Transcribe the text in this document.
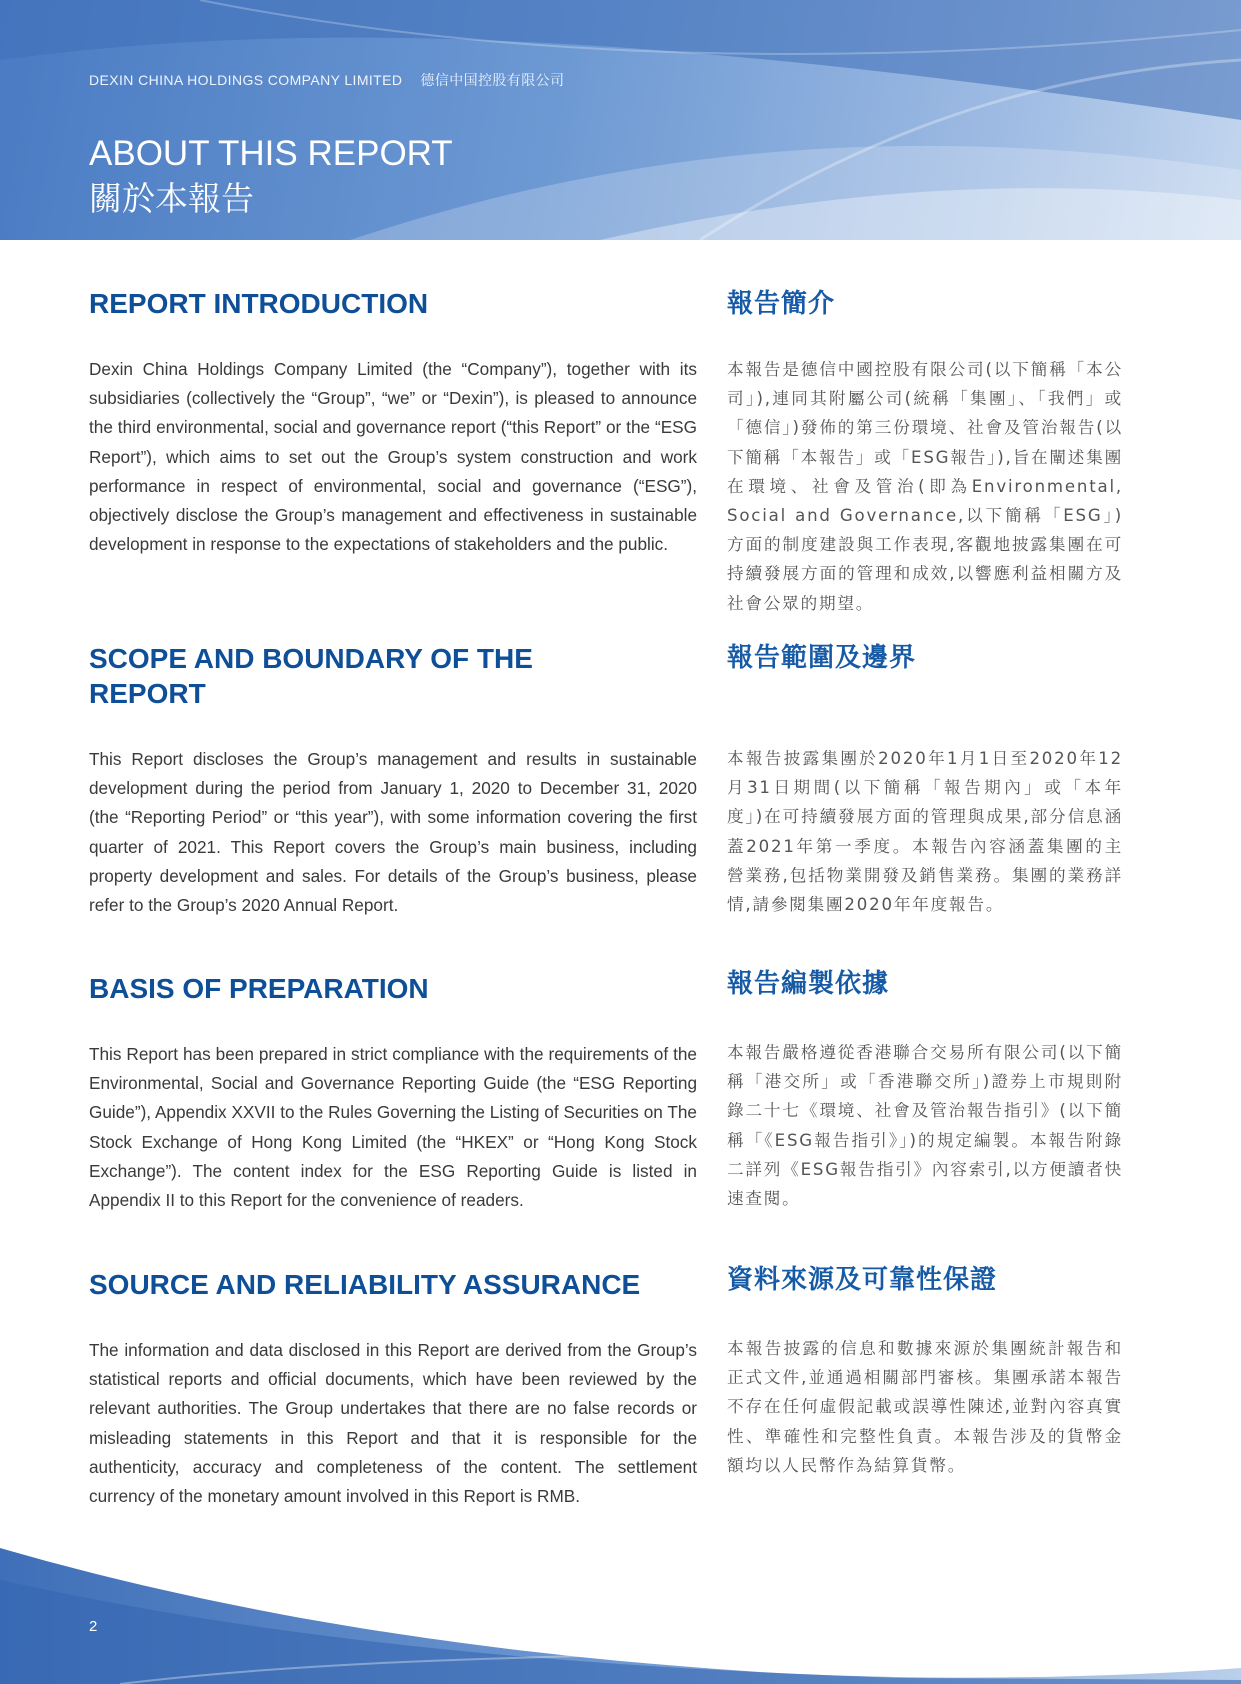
DEXIN CHINA HOLDINGS COMPANY LIMITED 德信中国控股有限公司
ABOUT THIS REPORT
關於本報告
REPORT INTRODUCTION

Dexin China Holdings Company Limited (the “Company”), together with its subsidiaries (collectively the “Group”, “we” or “Dexin”), is pleased to announce the third environmental, social and governance report (“this Report” or the “ESG Report”), which aims to set out the Group’s system construction and work performance in respect of environmental, social and governance (“ESG”), objectively disclose the Group’s management and effectiveness in sustainable development in response to the expectations of stakeholders and the public.

報告簡介

本報告是德信中國控股有限公司(以下簡稱「本公司」),連同其附屬公司(統稱「集團」、「我們」或「德信」)發佈的第三份環境、社會及管治報告(以下簡稱「本報告」或「ESG報告」),旨在闡述集團在環境、社會及管治(即為Environmental, Social and Governance,以下簡稱「ESG」)方面的制度建設與工作表現,客觀地披露集團在可持續發展方面的管理和成效,以響應利益相關方及社會公眾的期望。

SCOPE AND BOUNDARY OF THE REPORT

This Report discloses the Group’s management and results in sustainable development during the period from January 1, 2020 to December 31, 2020 (the “Reporting Period” or “this year”), with some information covering the first quarter of 2021. This Report covers the Group’s main business, including property development and sales. For details of the Group’s business, please refer to the Group’s 2020 Annual Report.

報告範圍及邊界

本報告披露集團於2020年1月1日至2020年12月31日期間(以下簡稱「報告期內」或「本年度」)在可持續發展方面的管理與成果,部分信息涵蓋2021年第一季度。本報告內容涵蓋集團的主營業務,包括物業開發及銷售業務。集團的業務詳情,請參閱集團2020年年度報告。

BASIS OF PREPARATION

This Report has been prepared in strict compliance with the requirements of the Environmental, Social and Governance Reporting Guide (the “ESG Reporting Guide”), Appendix XXVII to the Rules Governing the Listing of Securities on The Stock Exchange of Hong Kong Limited (the “HKEX” or “Hong Kong Stock Exchange”). The content index for the ESG Reporting Guide is listed in Appendix II to this Report for the convenience of readers.

報告編製依據

本報告嚴格遵從香港聯合交易所有限公司(以下簡稱「港交所」或「香港聯交所」)證券上市規則附錄二十七《環境、社會及管治報告指引》(以下簡稱「《ESG報告指引》」)的規定編製。本報告附錄二詳列《ESG報告指引》內容索引,以方便讀者快速查閱。

SOURCE AND RELIABILITY ASSURANCE

The information and data disclosed in this Report are derived from the Group’s statistical reports and official documents, which have been reviewed by the relevant authorities. The Group undertakes that there are no false records or misleading statements in this Report and that it is responsible for the authenticity, accuracy and completeness of the content. The settlement currency of the monetary amount involved in this Report is RMB.

資料來源及可靠性保證

本報告披露的信息和數據來源於集團統計報告和正式文件,並通過相關部門審核。集團承諾本報告不存在任何虛假記載或誤導性陳述,並對內容真實性、準確性和完整性負責。本報告涉及的貨幣金額均以人民幣作為結算貨幣。

2
